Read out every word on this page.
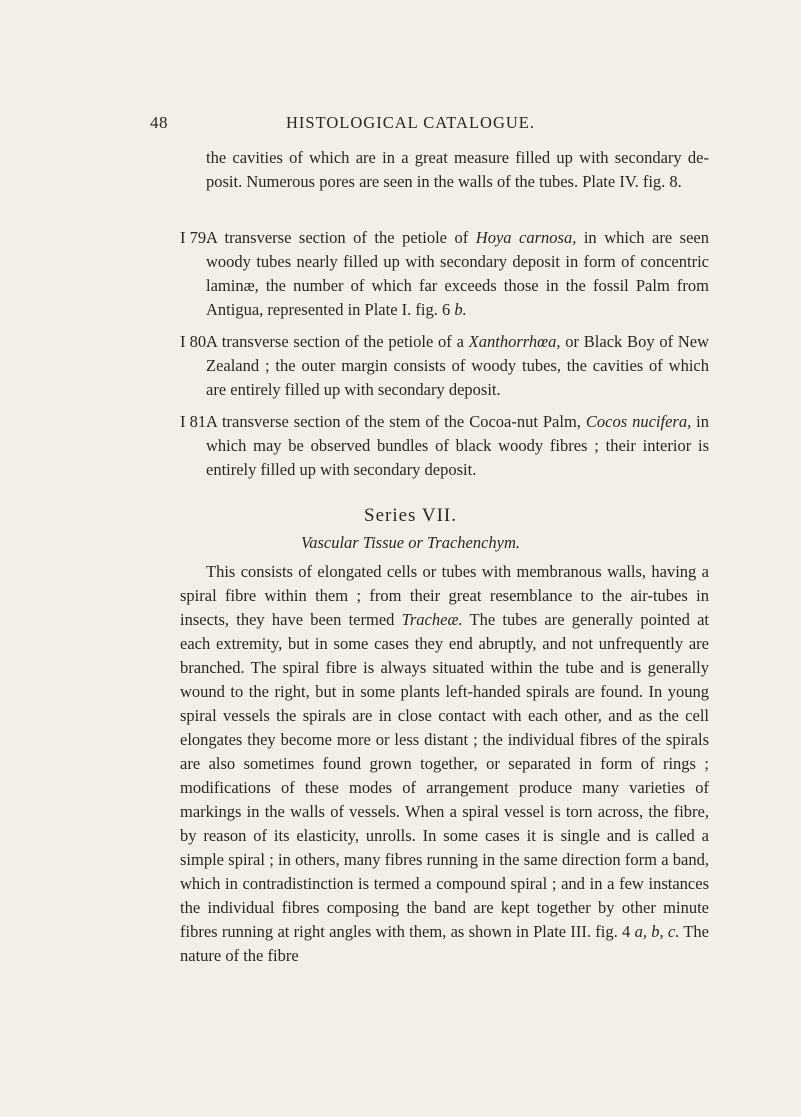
48	HISTOLOGICAL CATALOGUE.
the cavities of which are in a great measure filled up with secondary deposit. Numerous pores are seen in the walls of the tubes. Plate IV. fig. 8.
I 79.
A transverse section of the petiole of Hoya carnosa, in which are seen woody tubes nearly filled up with secondary deposit in form of concentric laminæ, the number of which far exceeds those in the fossil Palm from Antigua, represented in Plate I. fig. 6 b.
I 80.
A transverse section of the petiole of a Xanthorrhœa, or Black Boy of New Zealand ; the outer margin consists of woody tubes, the cavities of which are entirely filled up with secondary deposit.
I 81.
A transverse section of the stem of the Cocoa-nut Palm, Cocos nucifera, in which may be observed bundles of black woody fibres ; their interior is entirely filled up with secondary deposit.
Series VII.
Vascular Tissue or Trachenchym.
This consists of elongated cells or tubes with membranous walls, having a spiral fibre within them ; from their great resemblance to the air-tubes in insects, they have been termed Tracheæ. The tubes are generally pointed at each extremity, but in some cases they end abruptly, and not unfrequently are branched. The spiral fibre is always situated within the tube and is generally wound to the right, but in some plants left-handed spirals are found. In young spiral vessels the spirals are in close contact with each other, and as the cell elongates they become more or less distant ; the individual fibres of the spirals are also sometimes found grown together, or separated in form of rings ; modifications of these modes of arrangement produce many varieties of markings in the walls of vessels. When a spiral vessel is torn across, the fibre, by reason of its elasticity, unrolls. In some cases it is single and is called a simple spiral ; in others, many fibres running in the same direction form a band, which in contradistinction is termed a compound spiral ; and in a few instances the individual fibres composing the band are kept together by other minute fibres running at right angles with them, as shown in Plate III. fig. 4 a, b, c. The nature of the fibre
